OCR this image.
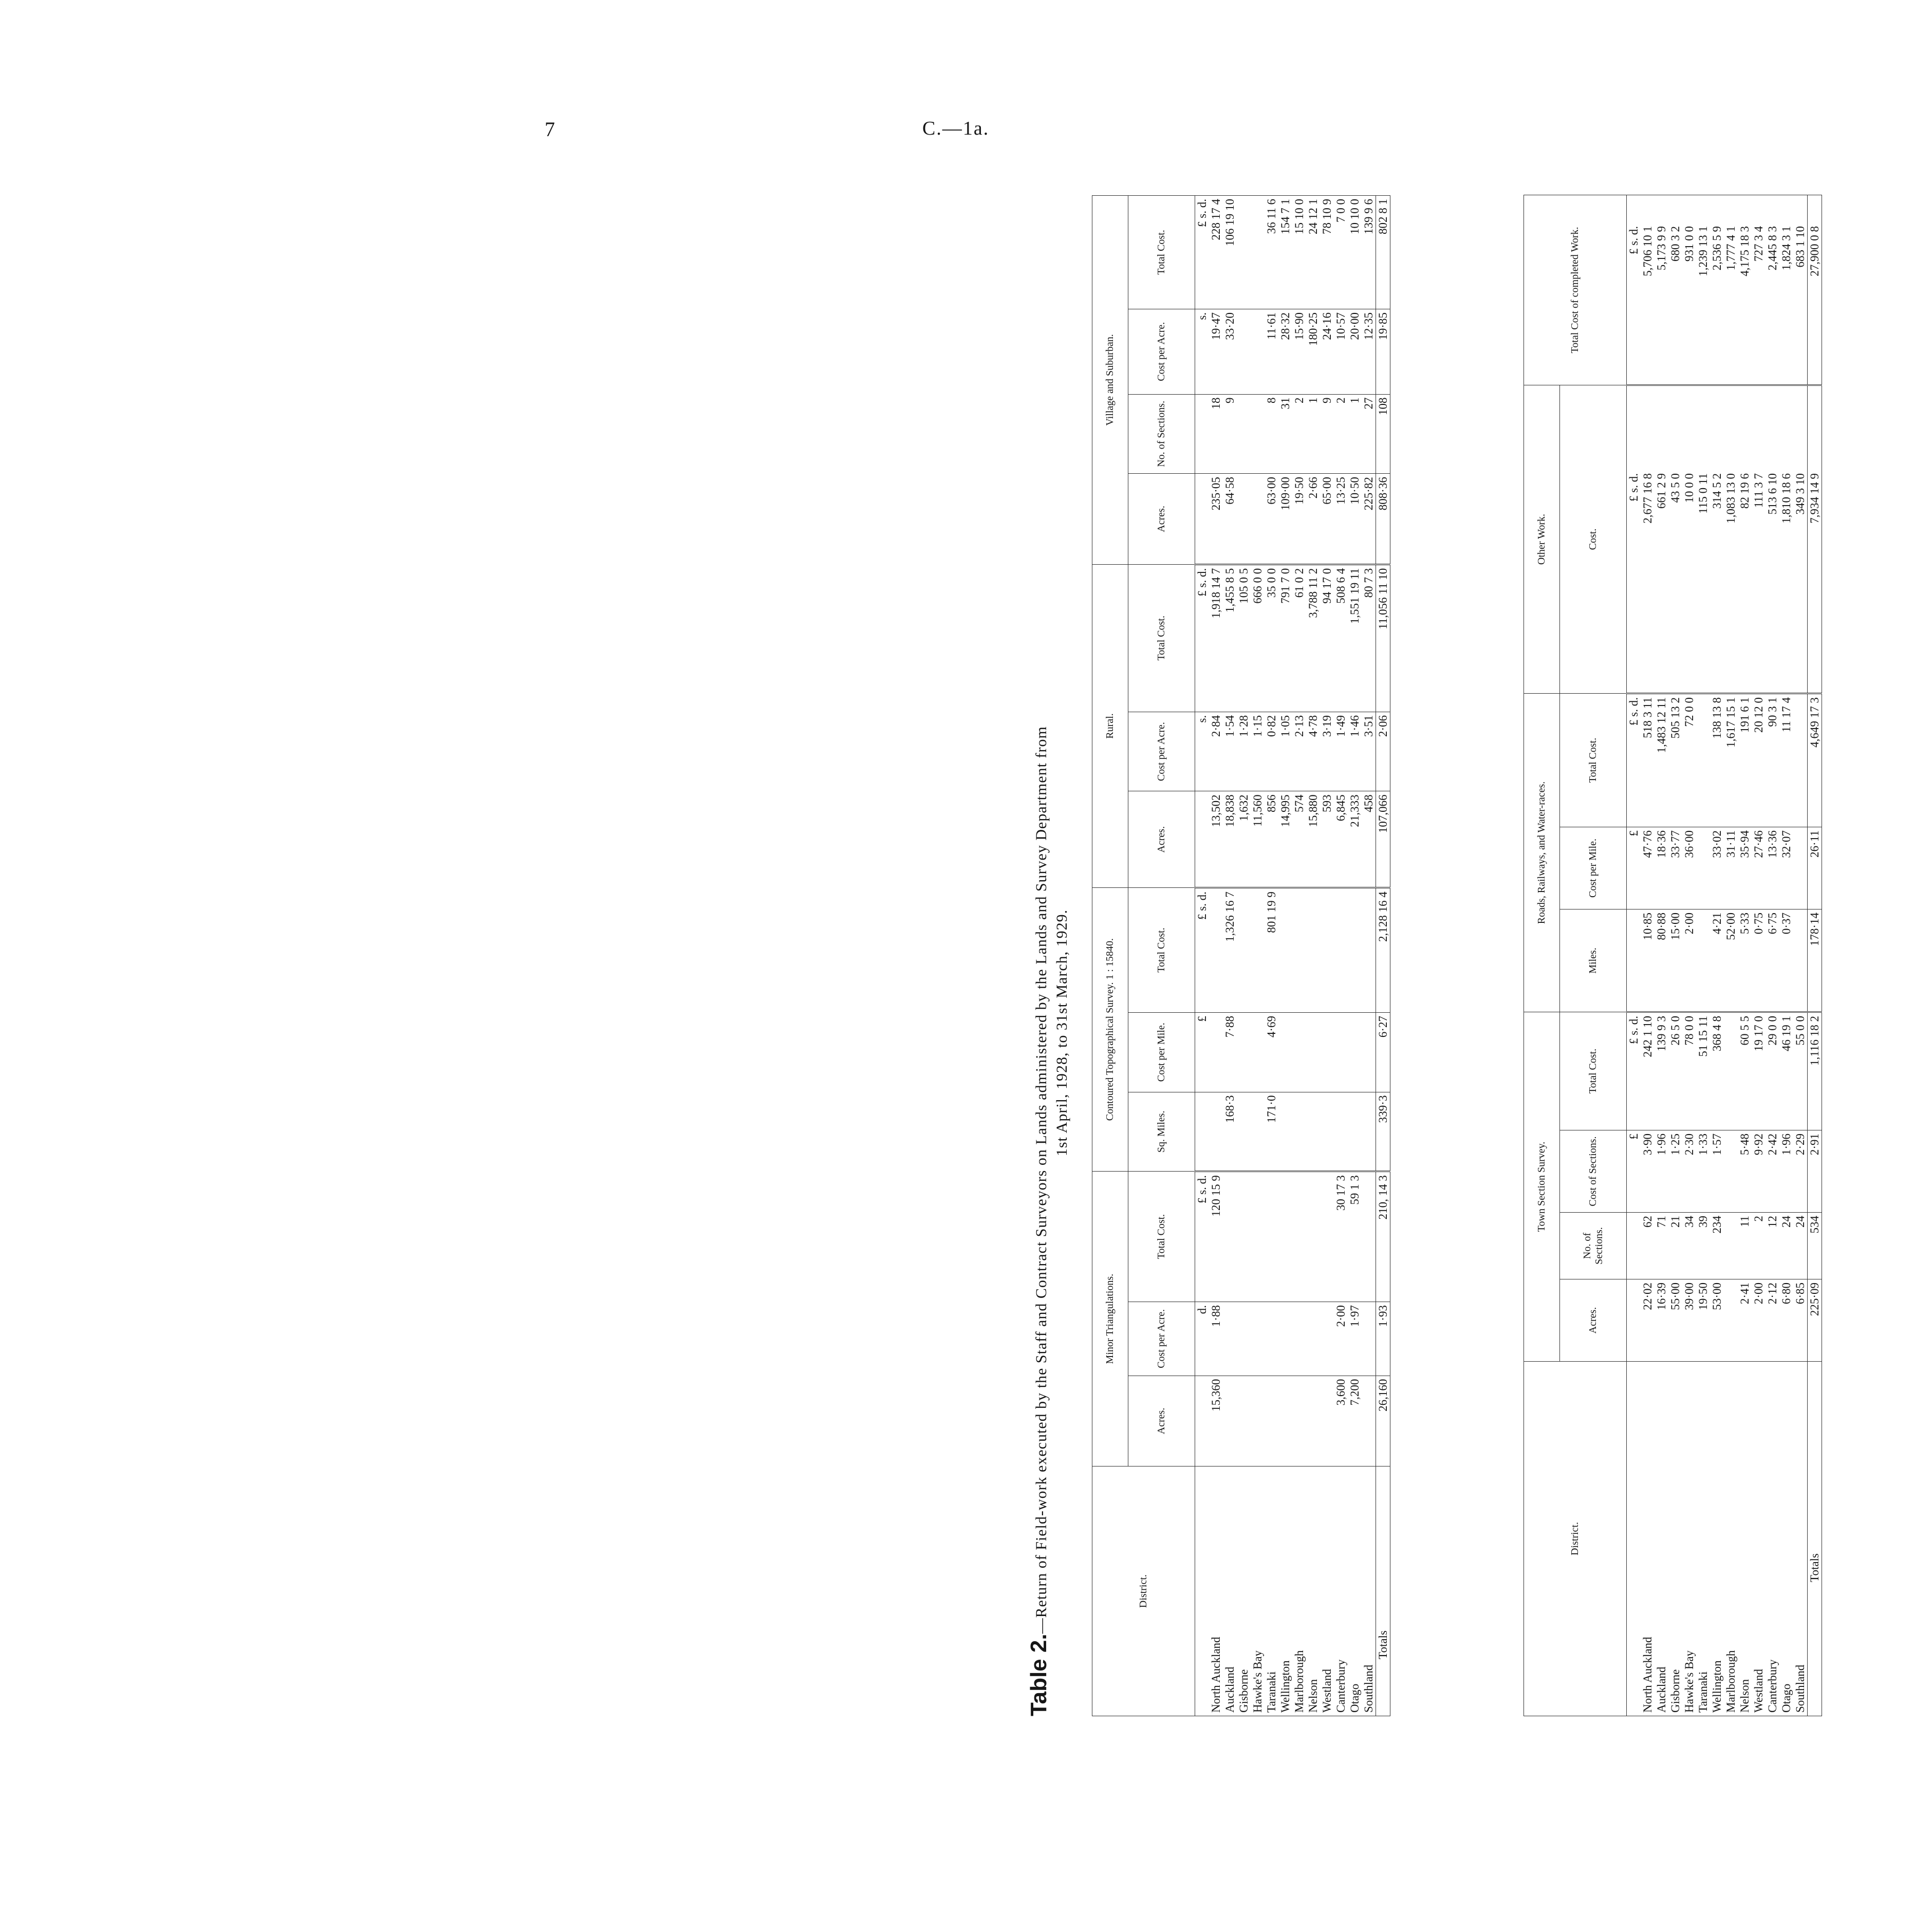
7	C.—1a.
Table 2.—Return of Field-work executed by the Staff and Contract Surveyors on Lands administered by the Lands and Survey Department from 1st April, 1928, to 31st March, 1929.
District.	Minor Triangulations.			Contoured Topographical Survey. 1 : 15840.			Rural.			Village and Suburban.			
	Acres.	Cost per Acre.	Total Cost.	Sq. Miles.	Cost per Mile.	Total Cost.	Acres.	Cost per Acre.	Total Cost.	Acres.	No. of Sections.	Cost per Acre.	Total Cost.
		d.	£ s. d.		£	£ s. d.		s.	£ s. d.			s.	£ s. d.
North Auckland	15,360	1·88	120 15 9				13,502	2·84	1,918 14 7	235·05	18	19·47	228 17 4
Auckland				168·3	7·88	1,326 16 7	18,838	1·54	1,455 8 5	64·58	9	33·20	106 19 10
Gisborne							1,632	1·28	105 0 5				
Hawke's Bay							11,560	1·15	666 0 0				
Taranaki				171·0	4·69	801 19 9	856	0·82	35 0 0	63·00	8	11·61	36 11 6
Wellington							14,995	1·05	791 7 0	109·00	31	28·32	154 7 1
Marlborough							574	2·13	61 0 2	19·50	2	15·90	15 10 0
Nelson							15,880	4·78	3,788 11 2	2·66	1	180·25	24 12 1
Westland							593	3·19	94 17 0	65·00	9	24·16	78 10 9
Canterbury	3,600	2·00	30 17 3				6,845	1·49	508 6 4	13·25	2	10·57	7 0 0
Otago	7,200	1·97	59 1 3				21,333	1·46	1,551 19 11	10·50	1	20·00	10 10 0
Southland							458	3·51	80 7 3	225·82	27	12·35	139 9 6
Totals	26,160	1·93	210, 14 3	339·3	6·27	2,128 16 4	107,066	2·06	11,056 11 10	808·36	108	19·85	802 8 1
District.	Town Section Survey.				Roads, Railways, and Water-races.			Other Work.	Total Cost of completed Work.
	Acres.	No. of Sections.	Cost of Sections.	Total Cost.	Miles.	Cost per Mile.	Total Cost.	Cost.	
			£	£ s. d.		£	£ s. d.	£ s. d.	£ s. d.
North Auckland	22·02	62	3·90	242 1 10	10·85	47·76	518 3 11	2,677 16 8	5,706 10 1
Auckland	16·39	71	1·96	139 9 3	80·88	18·36	1,483 12 11	661 2 9	5,173 9 9
Gisborne	55·00	21	1·25	26 5 0	15·00	33·77	505 13 2	43 5 0	680 3 2
Hawke's Bay	39·00	34	2·30	78 0 0	2·00	36·00	72 0 0	10 0 0	931 0 0
Taranaki	19·50	39	1·33	51 15 11				115 0 11	1,239 13 1
Wellington	53·00	234	1·57	368 4 8	4·21	33·02	138 13 8	314 5 2	2,536 5 9
Marlborough					52·00	31·11	1,617 15 1	1,083 13 0	1,777 4 1
Nelson	2·41	11	5·48	60 5 5	5·33	35·94	191 6 1	82 19 6	4,175 18 3
Westland	2·00	2	9·92	19 17 0	0·75	27·46	20 12 0	111 3 7	727 3 4
Canterbury	2·12	12	2·42	29 0 0	6·75	13·36	90 3 1	513 6 10	2,445 8 3
Otago	6·80	24	1·96	46 19 1	0·37	32·07	11 17 4	1,810 18 6	1,824 3 1
Southland	6·85	24	2·29	55 0 0				349 3 10	683 1 10
Totals	225·09	534	2·91	1,116 18 2	178·14	26·11	4,649 17 3	7,934 14 9	27,900 0 8
